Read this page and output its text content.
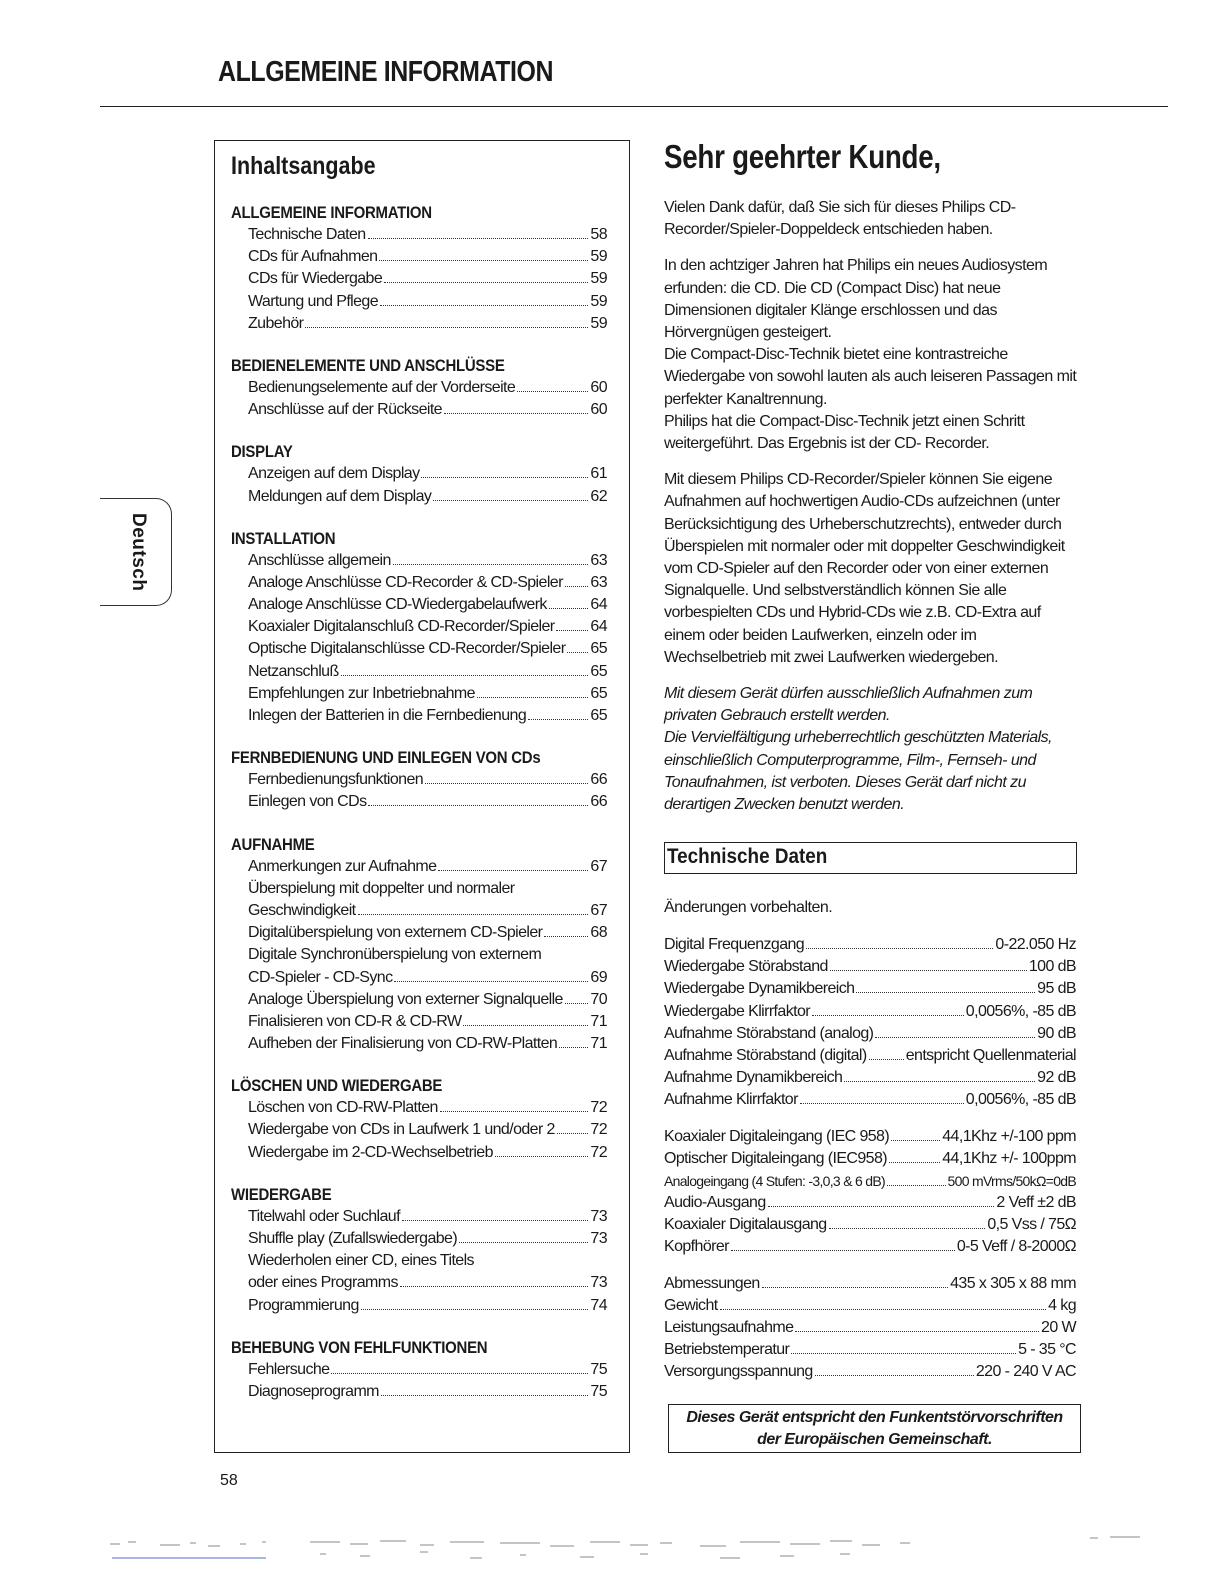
ALLGEMEINE INFORMATION
Deutsch
Inhaltsangabe
ALLGEMEINE INFORMATION
Technische Daten	58
CDs für Aufnahmen	59
CDs für Wiedergabe	59
Wartung und Pflege	59
Zubehör	59
BEDIENELEMENTE UND ANSCHLÜSSE
Bedienungselemente auf der Vorderseite	60
Anschlüsse auf der Rückseite	60
DISPLAY
Anzeigen auf dem Display	61
Meldungen auf dem Display	62
INSTALLATION
Anschlüsse allgemein	63
Analoge Anschlüsse CD-Recorder & CD-Spieler 63
Analoge Anschlüsse CD-Wiedergabelaufwerk	64
Koaxialer Digitalanschluß CD-Recorder/Spieler 64
Optische Digitalanschlüsse CD-Recorder/Spieler 65
Netzanschluß	65
Empfehlungen zur Inbetriebnahme	65
Inlegen der Batterien in die Fernbedienung	65
FERNBEDIENUNG UND EINLEGEN VON CDs
Fernbedienungsfunktionen	66
Einlegen von CDs	66
AUFNAHME
Anmerkungen zur Aufnahme	67
Überspielung mit doppelter und normaler
Geschwindigkeit	67
Digitalüberspielung von externem CD-Spieler	68
Digitale Synchronüberspielung von externem
CD-Spieler - CD-Sync	69
Analoge Überspielung von externer Signalquelle 70
Finalisieren von CD-R & CD-RW	71
Aufheben der Finalisierung von CD-RW-Platten 71
LÖSCHEN UND WIEDERGABE
Löschen von CD-RW-Platten	72
Wiedergabe von CDs in Laufwerk 1 und/oder 2 72
Wiedergabe im 2-CD-Wechselbetrieb	72
WIEDERGABE
Titelwahl oder Suchlauf	73
Shuffle play (Zufallswiedergabe)	73
Wiederholen einer CD, eines Titels
oder eines Programms	73
Programmierung	74
BEHEBUNG VON FEHLFUNKTIONEN
Fehlersuche	75
Diagnoseprogramm	75
58
Sehr geehrter Kunde,

Vielen Dank dafür, daß Sie sich für dieses Philips CD-
Recorder/Spieler-Doppeldeck entschieden haben.

In den achtziger Jahren hat Philips ein neues Audiosystem
erfunden: die CD. Die CD (Compact Disc) hat neue
Dimensionen digitaler Klänge erschlossen und das
Hörvergnügen gesteigert.
Die Compact-Disc-Technik bietet eine kontrastreiche
Wiedergabe von sowohl lauten als auch leiseren Passagen mit
perfekter Kanaltrennung.
Philips hat die Compact-Disc-Technik jetzt einen Schritt
weitergeführt. Das Ergebnis ist der CD- Recorder.

Mit diesem Philips CD-Recorder/Spieler können Sie eigene
Aufnahmen auf hochwertigen Audio-CDs aufzeichnen (unter
Berücksichtigung des Urheberschutzrechts), entweder durch
Überspielen mit normaler oder mit doppelter Geschwindigkeit
vom CD-Spieler auf den Recorder oder von einer externen
Signalquelle. Und selbstverständlich können Sie alle
vorbespielten CDs und Hybrid-CDs wie z.B. CD-Extra auf
einem oder beiden Laufwerken, einzeln oder im
Wechselbetrieb mit zwei Laufwerken wiedergeben.

Mit diesem Gerät dürfen ausschließlich Aufnahmen zum
privaten Gebrauch erstellt werden.
Die Vervielfältigung urheberrechtlich geschützten Materials,
einschließlich Computerprogramme, Film-, Fernseh- und
Tonaufnahmen, ist verboten. Dieses Gerät darf nicht zu
derartigen Zwecken benutzt werden.

Technische Daten
Änderungen vorbehalten.
Digital Frequenzgang	0-22.050 Hz
Wiedergabe Störabstand	100 dB
Wiedergabe Dynamikbereich	95 dB
Wiedergabe Klirrfaktor	0,0056%, -85 dB
Aufnahme Störabstand (analog)	90 dB
Aufnahme Störabstand (digital) entspricht Quellenmaterial
Aufnahme Dynamikbereich	92 dB
Aufnahme Klirrfaktor	0,0056%, -85 dB
Koaxialer Digitaleingang (IEC 958)	44,1Khz +/-100 ppm
Optischer Digitaleingang (IEC958)	44,1Khz +/- 100ppm
Analogeingang (4 Stufen: -3,0,3 & 6 dB)	500 mVrms/50kΩ=0dB
Audio-Ausgang	2 Veff ±2 dB
Koaxialer Digitalausgang	0,5 Vss / 75Ω
Kopfhörer	0-5 Veff / 8-2000Ω
Abmessungen	435 x 305 x 88 mm
Gewicht	4 kg
Leistungsaufnahme	20 W
Betriebstemperatur	5 - 35 °C
Versorgungsspannung	220 - 240 V AC
Dieses Gerät entspricht den Funkentstörvorschriften
der Europäischen Gemeinschaft.
